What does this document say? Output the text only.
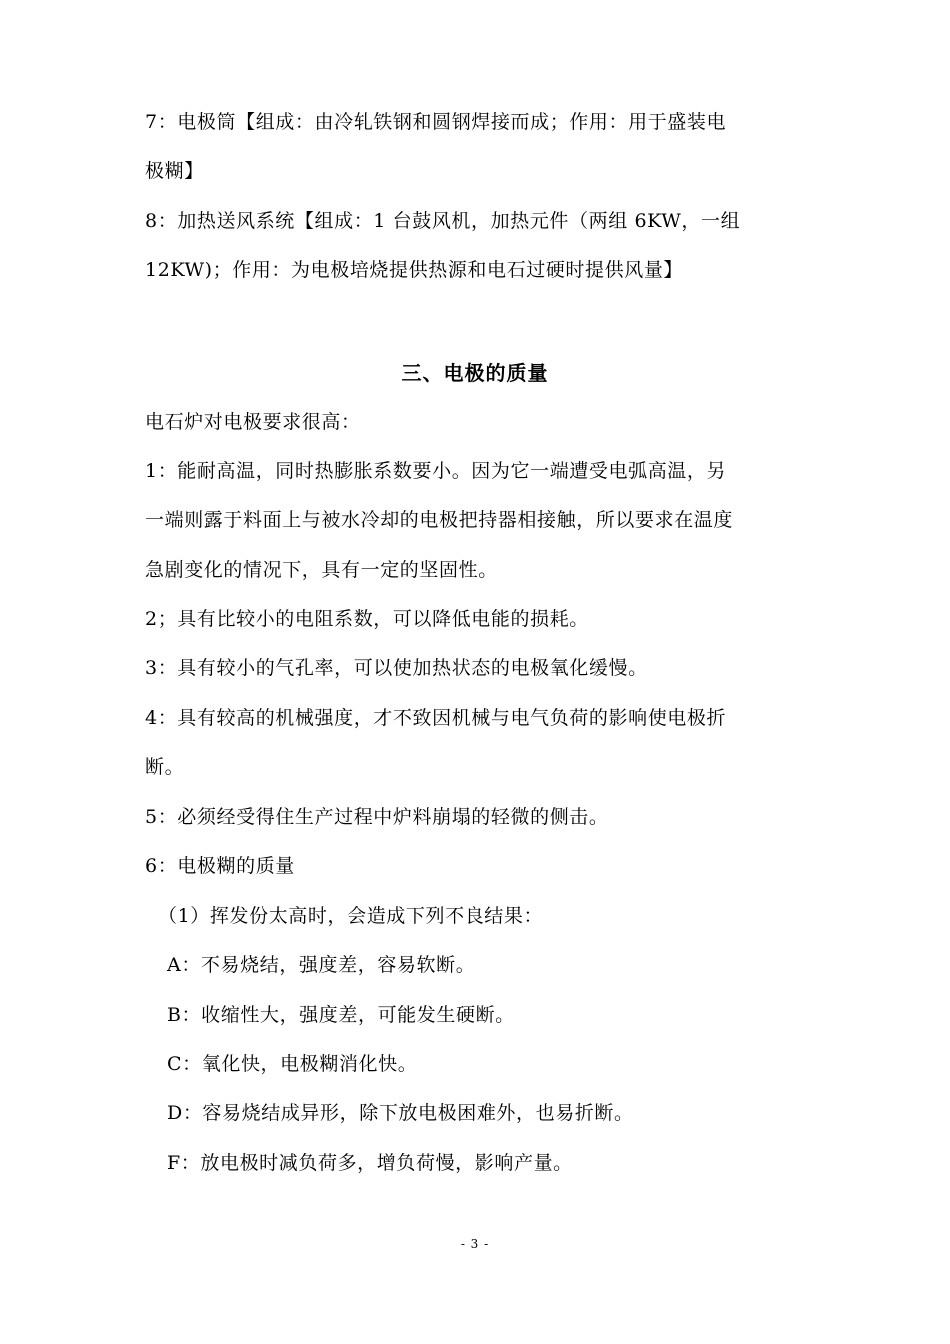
7：电极筒【组成：由冷轧铁钢和圆钢焊接而成；作用：用于盛装电
极糊】
8：加热送风系统【组成：1 台鼓风机，加热元件（两组 6KW，一组
12KW)；作用：为电极培烧提供热源和电石过硬时提供风量】
三、电极的质量
电石炉对电极要求很高：
1：能耐高温，同时热膨胀系数要小。因为它一端遭受电弧高温，另
一端则露于料面上与被水冷却的电极把持器相接触，所以要求在温度
急剧变化的情况下，具有一定的坚固性。
2；具有比较小的电阻系数，可以降低电能的损耗。
3：具有较小的气孔率，可以使加热状态的电极氧化缓慢。
4：具有较高的机械强度，才不致因机械与电气负荷的影响使电极折
断。
5：必须经受得住生产过程中炉料崩塌的轻微的侧击。
6：电极糊的质量
（1）挥发份太高时，会造成下列不良结果：
A：不易烧结，强度差，容易软断。
B：收缩性大，强度差，可能发生硬断。
C：氧化快，电极糊消化快。
D：容易烧结成异形，除下放电极困难外，也易折断。
F：放电极时减负荷多，增负荷慢，影响产量。
- 3 -
